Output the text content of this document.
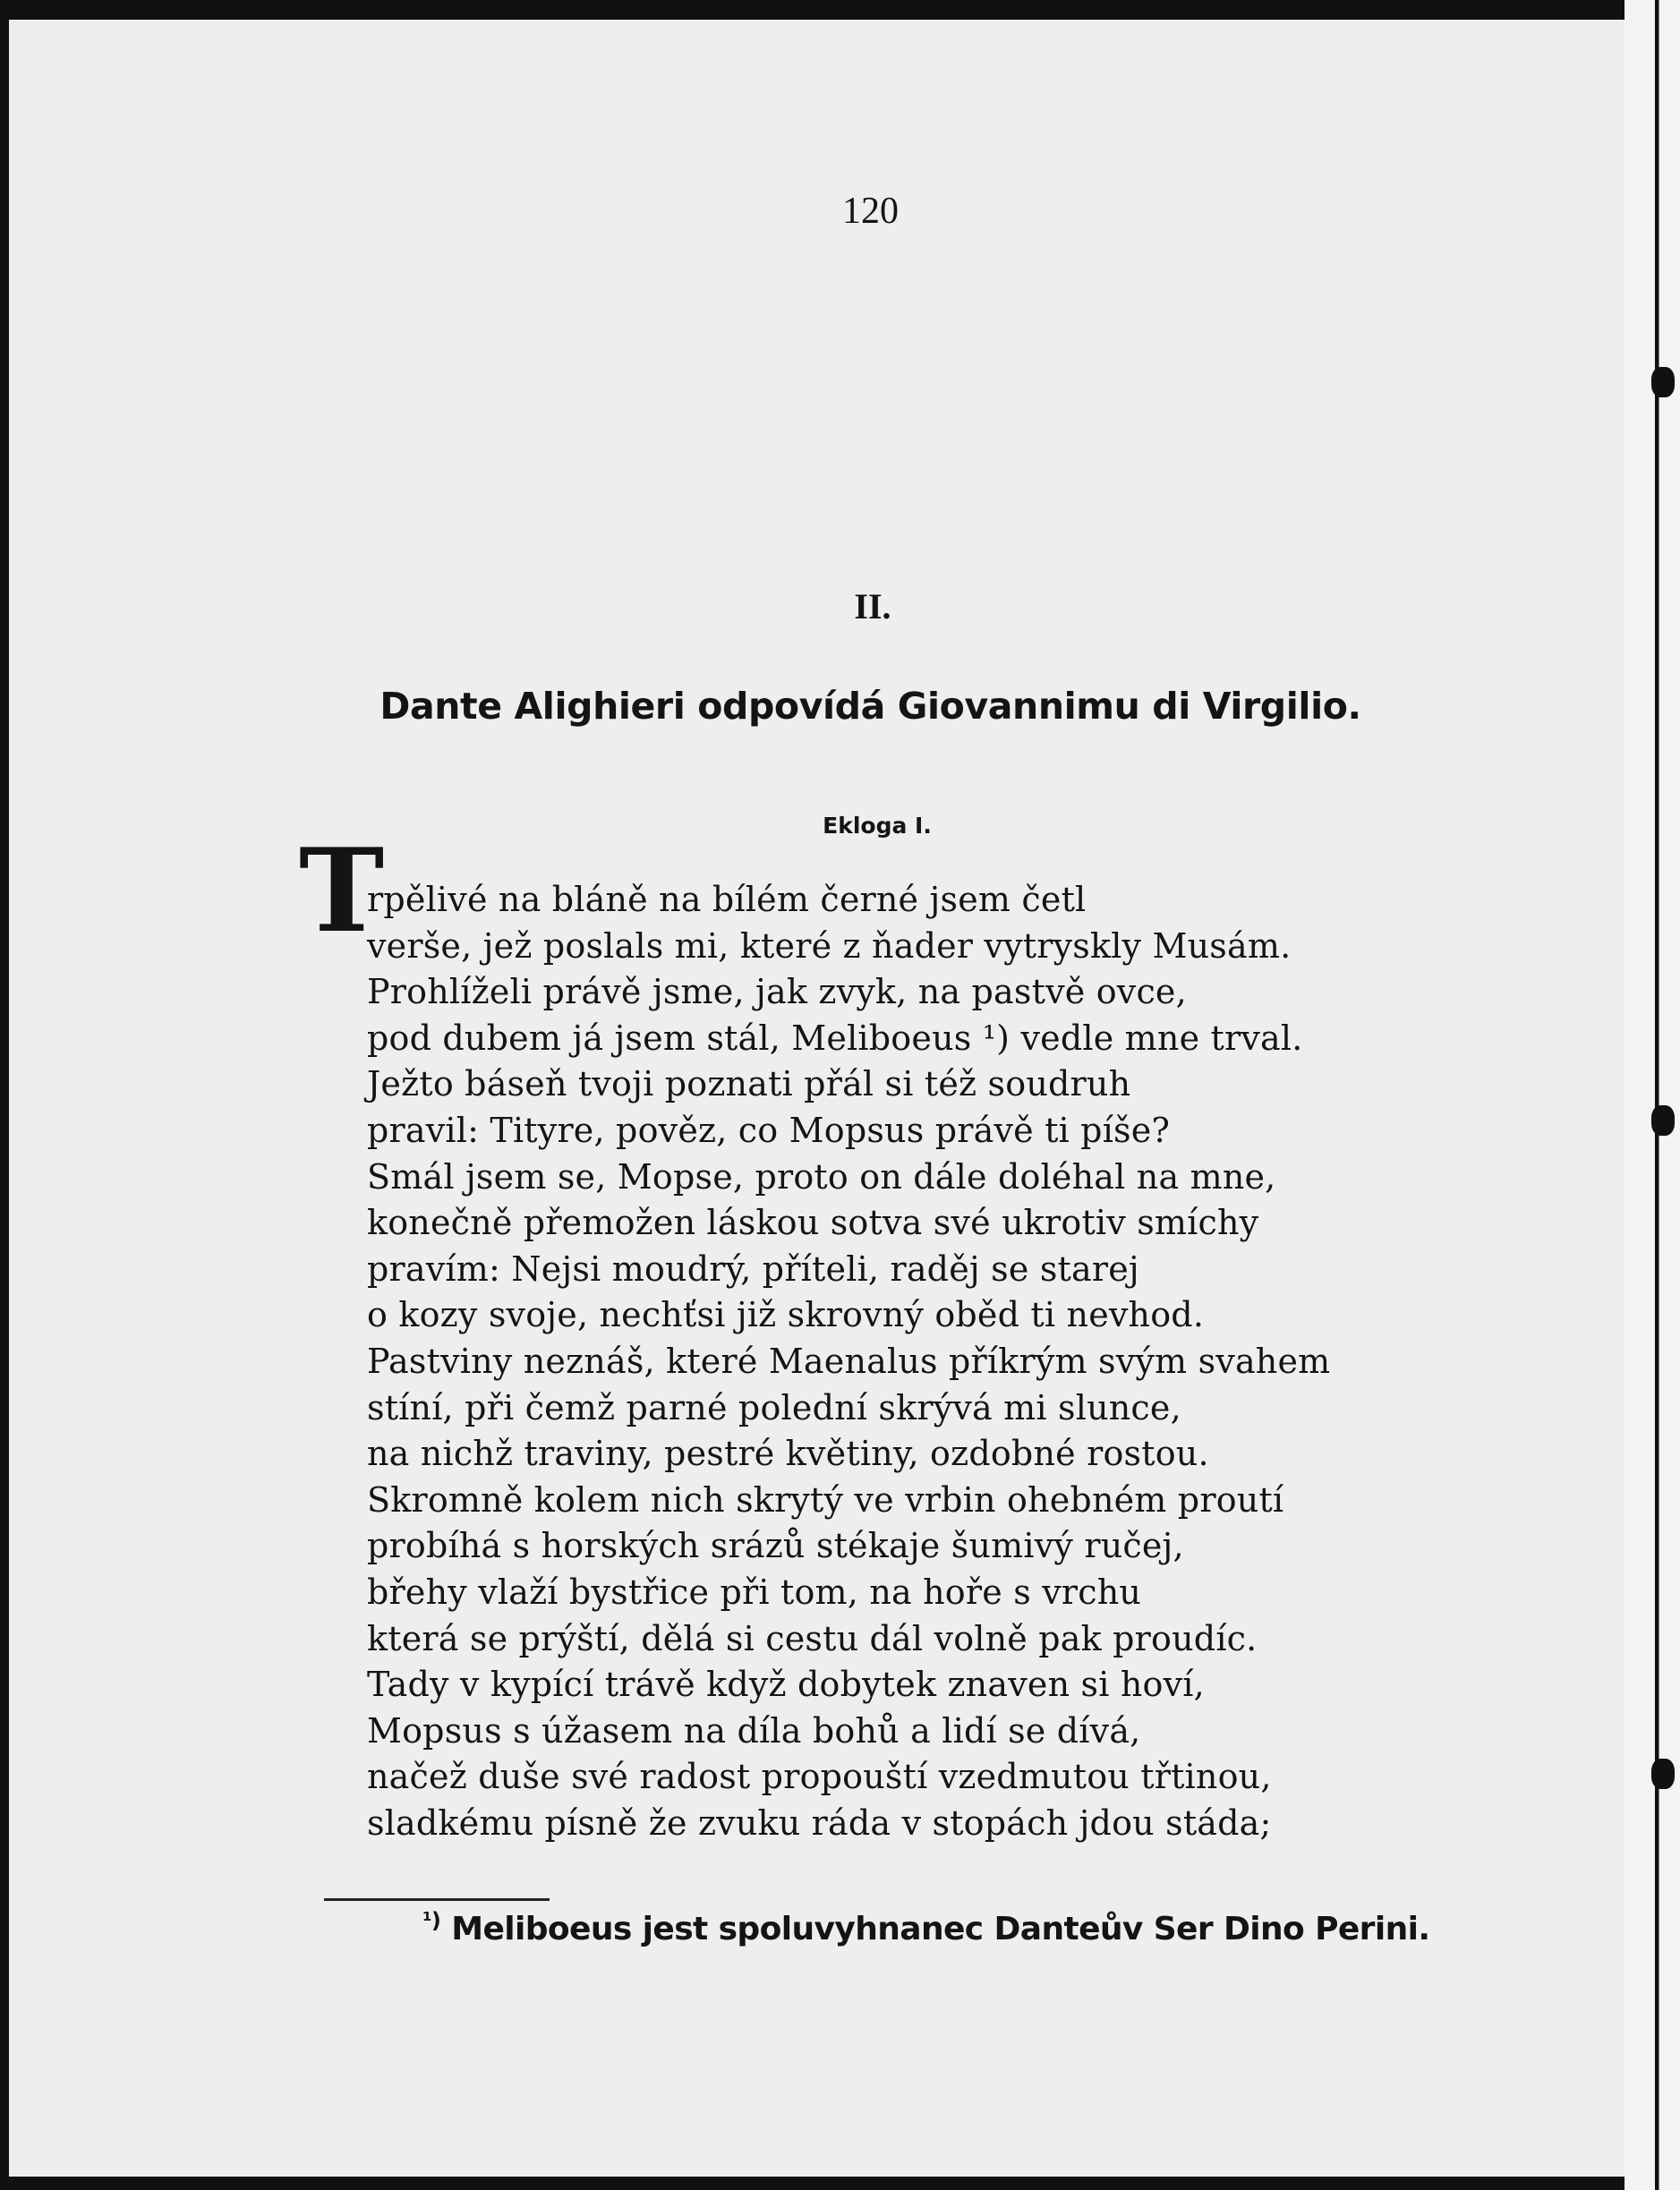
120
II.
Dante Alighieri odpovídá Giovannimu di Virgilio.
Ekloga I.
T
rpělivé na bláně na bílém černé jsem četl
verše, jež poslals mi, které z ňader vytryskly Musám.
Prohlíželi právě jsme, jak zvyk, na pastvě ovce,
pod dubem já jsem stál, Meliboeus ¹) vedle mne trval.
Ježto báseň tvoji poznati přál si též soudruh
pravil: Tityre, pověz, co Mopsus právě ti píše?
Smál jsem se, Mopse, proto on dále doléhal na mne,
konečně přemožen láskou sotva své ukrotiv smíchy
pravím: Nejsi moudrý, příteli, raděj se starej
o kozy svoje, nechťsi již skrovný oběd ti nevhod.
Pastviny neznáš, které Maenalus příkrým svým svahem
stíní, při čemž parné polední skrývá mi slunce,
na nichž traviny, pestré květiny, ozdobné rostou.
Skromně kolem nich skrytý ve vrbin ohebném proutí
probíhá s horských srázů stékaje šumivý ručej,
břehy vlaží bystřice při tom, na hoře s vrchu
která se prýští, dělá si cestu dál volně pak proudíc.
Tady v kypící trávě když dobytek znaven si hoví,
Mopsus s úžasem na díla bohů a lidí se dívá,
načež duše své radost propouští vzedmutou třtinou,
sladkému písně že zvuku ráda v stopách jdou stáda;
$^{^1)}$ Meliboeus jest spoluvyhnanec Danteův Ser Dino Perini.
